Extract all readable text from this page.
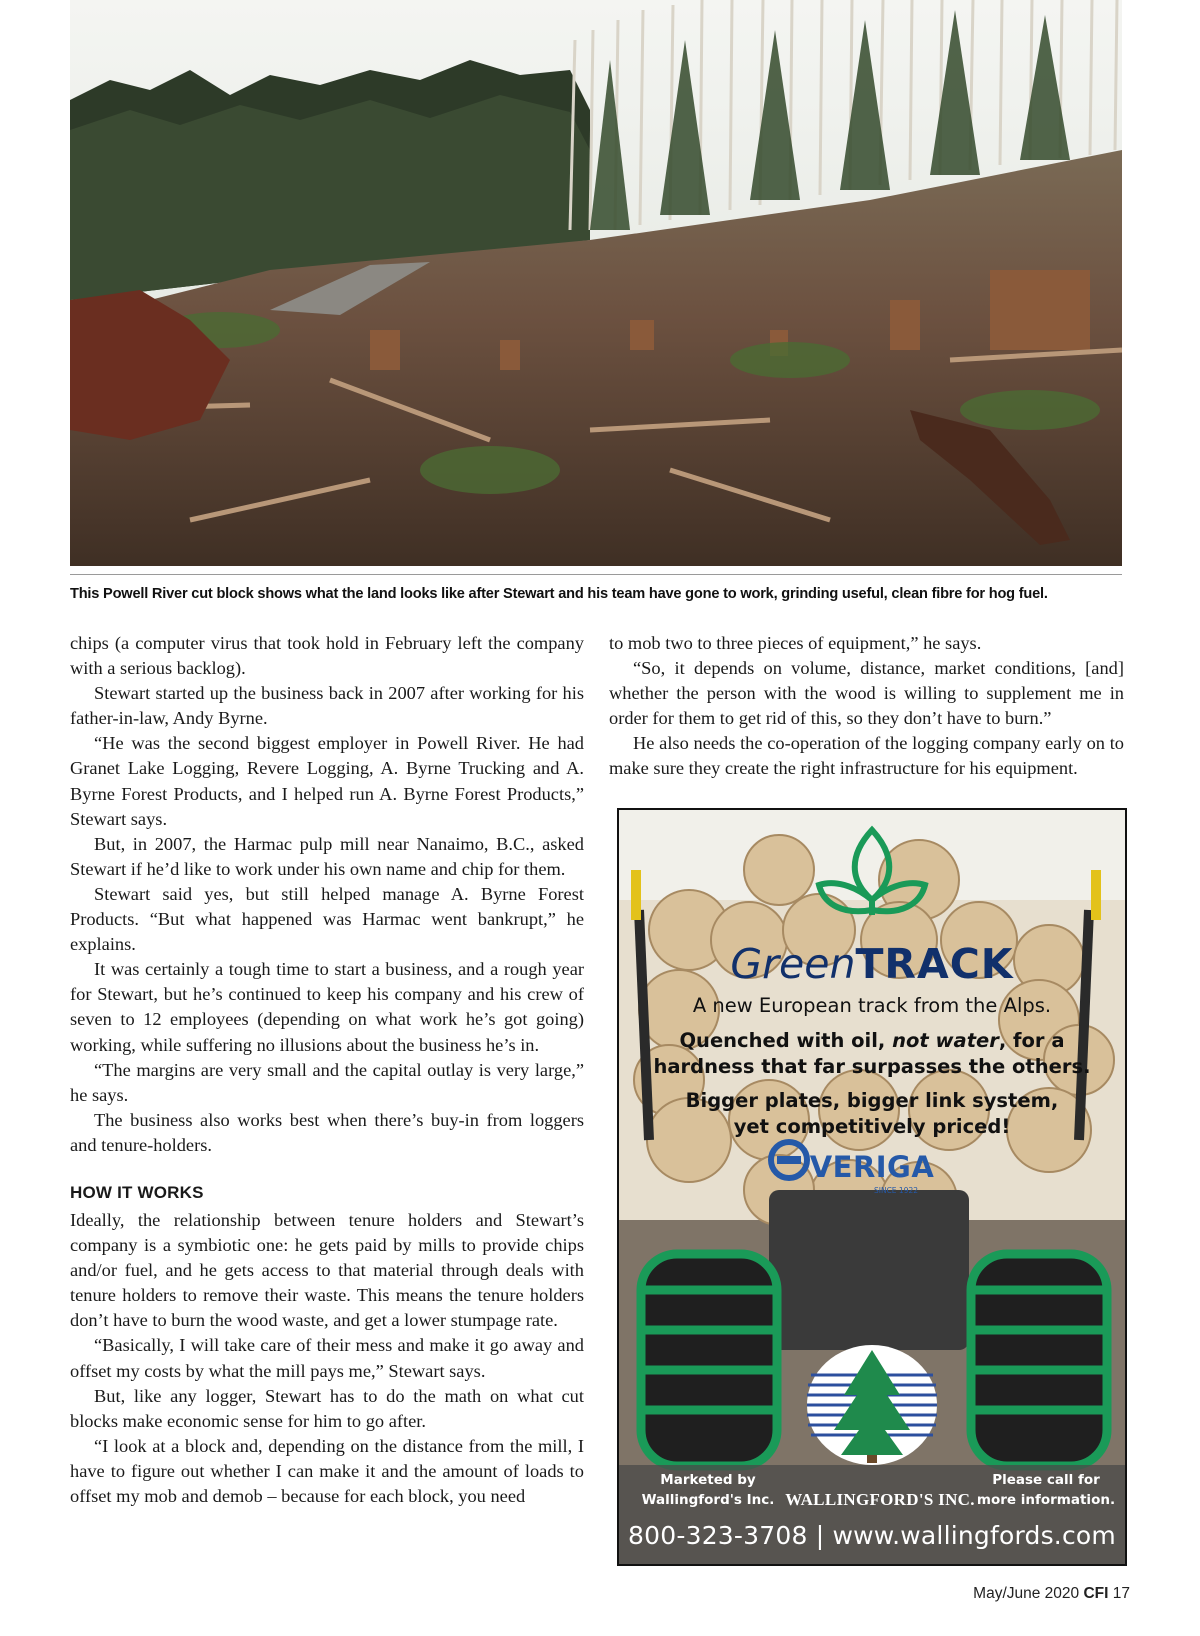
This Powell River cut block shows what the land looks like after Stewart and his team have gone to work, grinding useful, clean fibre for hog fuel.

chips (a computer virus that took hold in February left the company with a serious backlog).

Stewart started up the business back in 2007 after working for his father-in-law, Andy Byrne.

“He was the second biggest employer in Powell River. He had Granet Lake Logging, Revere Logging, A. Byrne Trucking and A. Byrne Forest Products, and I helped run A. Byrne Forest Products,” Stewart says.

But, in 2007, the Harmac pulp mill near Nanaimo, B.C., asked Stewart if he’d like to work under his own name and chip for them.

Stewart said yes, but still helped manage A. Byrne Forest Products. “But what happened was Harmac went bankrupt,” he explains.

It was certainly a tough time to start a business, and a rough year for Stewart, but he’s continued to keep his company and his crew of seven to 12 employees (depending on what work he’s got going) working, while suffering no illusions about the business he’s in.

“The margins are very small and the capital outlay is very large,” he says.

The business also works best when there’s buy-in from loggers and tenure-holders.

HOW IT WORKS

Ideally, the relationship between tenure holders and Stewart’s company is a symbiotic one: he gets paid by mills to provide chips and/or fuel, and he gets access to that material through deals with tenure holders to remove their waste. This means the tenure holders don’t have to burn the wood waste, and get a lower stumpage rate.

“Basically, I will take care of their mess and make it go away and offset my costs by what the mill pays me,” Stewart says.

But, like any logger, Stewart has to do the math on what cut blocks make economic sense for him to go after.

“I look at a block and, depending on the distance from the mill, I have to figure out whether I can make it and the amount of loads to offset my mob and demob – because for each block, you need

to mob two to three pieces of equipment,” he says.

“So, it depends on volume, distance, market conditions, [and] whether the person with the wood is willing to supplement me in order for them to get rid of this, so they don’t have to burn.”

He also needs the co-operation of the logging company early on to make sure they create the right infrastructure for his equipment.

GreenTRACK
A new European track from the Alps.
Quenched with oil, not water, for a
hardness that far surpasses the others.
Bigger plates, bigger link system,
yet competitively priced!
VERIGA
SINCE 1922
Marketed by
Wallingford's Inc. WALLINGFORD'S INC.
Please call for
more information.
800-323-3708 | www.wallingfords.com
May/June 2020 CFI 17
